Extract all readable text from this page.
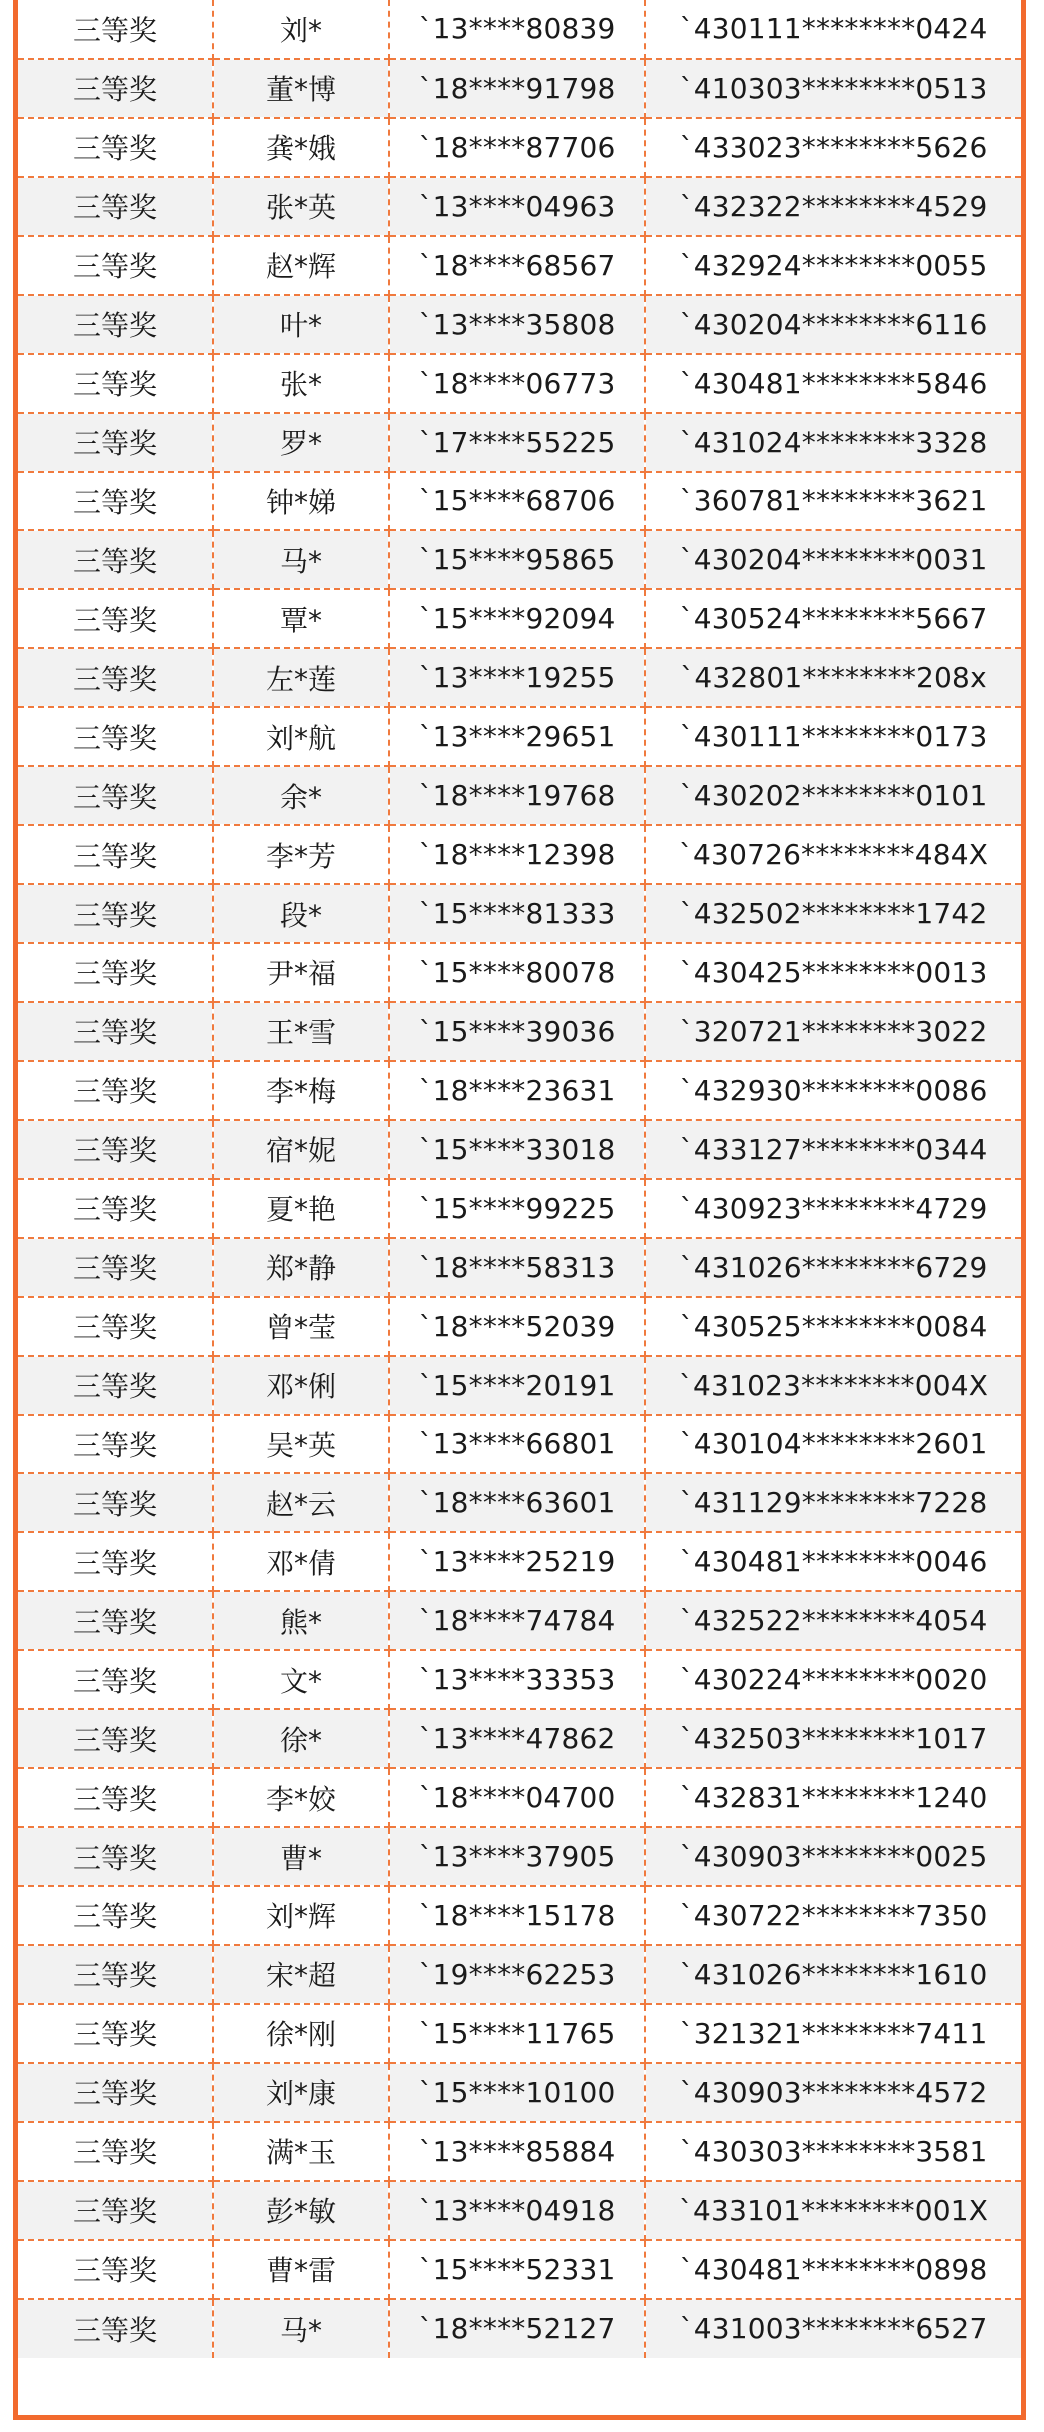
三等奖	刘*	`13****80839	`430111********0424
三等奖	董*博	`18****91798	`410303********0513
三等奖	龚*娥	`18****87706	`433023********5626
三等奖	张*英	`13****04963	`432322********4529
三等奖	赵*辉	`18****68567	`432924********0055
三等奖	叶*	`13****35808	`430204********6116
三等奖	张*	`18****06773	`430481********5846
三等奖	罗*	`17****55225	`431024********3328
三等奖	钟*娣	`15****68706	`360781********3621
三等奖	马*	`15****95865	`430204********0031
三等奖	覃*	`15****92094	`430524********5667
三等奖	左*莲	`13****19255	`432801********208x
三等奖	刘*航	`13****29651	`430111********0173
三等奖	余*	`18****19768	`430202********0101
三等奖	李*芳	`18****12398	`430726********484X
三等奖	段*	`15****81333	`432502********1742
三等奖	尹*福	`15****80078	`430425********0013
三等奖	王*雪	`15****39036	`320721********3022
三等奖	李*梅	`18****23631	`432930********0086
三等奖	宿*妮	`15****33018	`433127********0344
三等奖	夏*艳	`15****99225	`430923********4729
三等奖	郑*静	`18****58313	`431026********6729
三等奖	曾*莹	`18****52039	`430525********0084
三等奖	邓*俐	`15****20191	`431023********004X
三等奖	吴*英	`13****66801	`430104********2601
三等奖	赵*云	`18****63601	`431129********7228
三等奖	邓*倩	`13****25219	`430481********0046
三等奖	熊*	`18****74784	`432522********4054
三等奖	文*	`13****33353	`430224********0020
三等奖	徐*	`13****47862	`432503********1017
三等奖	李*姣	`18****04700	`432831********1240
三等奖	曹*	`13****37905	`430903********0025
三等奖	刘*辉	`18****15178	`430722********7350
三等奖	宋*超	`19****62253	`431026********1610
三等奖	徐*刚	`15****11765	`321321********7411
三等奖	刘*康	`15****10100	`430903********4572
三等奖	满*玉	`13****85884	`430303********3581
三等奖	彭*敏	`13****04918	`433101********001X
三等奖	曹*雷	`15****52331	`430481********0898
三等奖	马*	`18****52127	`431003********6527
